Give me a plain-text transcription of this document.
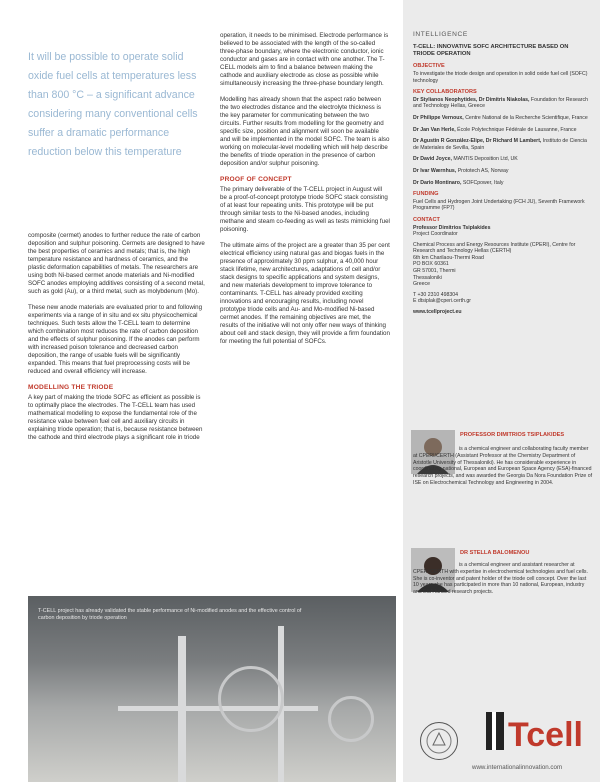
It will be possible to operate solid oxide fuel cells at temperatures less than 800 °C – a significant advance considering many conventional cells suffer a dramatic performance reduction below this temperature

composite (cermet) anodes to further reduce the rate of carbon deposition and sulphur poisoning. Cermets are designed to have the best properties of ceramics and metals; that is, the high temperature resistance and hardness of ceramics, and the plastic deformation capabilities of metals. The researchers are using both Ni-based cermet anode materials and Ni-modified SOFC anodes employing additives consisting of a second metal, such as gold (Au), or a third metal, such as molybdenum (Mo).

These new anode materials are evaluated prior to and following experiments via a range of in situ and ex situ physicochemical techniques. Such tests allow the T-CELL team to determine which combination most reduces the rate of carbon deposition and the effects of sulphur poisoning. If the anodes can perform with increased poison tolerance and decreased carbon deposition, the range of usable fuels will be significantly expanded. This means that fuel preprocessing costs will be reduced and overall efficiency will increase.

MODELLING THE TRIODE

A key part of making the triode SOFC as efficient as possible is to optimally place the electrodes. The T-CELL team has used mathematical modelling to expose the fundamental role of the resistance value between fuel cell and auxiliary circuits in explaining triode operation; that is, because resistance between the cathode and third electrode plays a significant role in triode

operation, it needs to be minimised. Electrode performance is believed to be associated with the length of the so-called three-phase boundary, where the electronic conductor, ionic conductor and gases are in contact with one another. The T-CELL models aim to find a balance between making the cathode and auxiliary electrode as close as possible while simultaneously increasing the three-phase boundary length.

Modelling has already shown that the aspect ratio between the two electrodes distance and the electrolyte thickness is the key parameter for communicating between the two circuits. Further results from modelling for the geometry and specific size, position and alignment will soon be available and will be implemented in the model SOFC. The team is also working on molecular-level modelling which will help describe the benefits of triode operation in the presence of carbon deposition and/or sulphur poisoning.

PROOF OF CONCEPT

The primary deliverable of the T-CELL project in August will be a proof-of-concept prototype triode SOFC stack consisting of at least four repeating units. This prototype will be put through similar tests to the Ni-based anodes, including methane and steam co-feeding as well as tests mimicking fuel poisoning.

The ultimate aims of the project are a greater than 35 per cent electrical efficiency using natural gas and biogas fuels in the presence of approximately 30 ppm sulphur, a 40,000 hour stack lifetime, new architectures, adaptations of cell and/or stack designs to specific applications and system designs, and new materials development to improve tolerance to contaminants. T-CELL has already provided exciting innovations and encouraging results, including novel prototype triode cells and Au- and Mo-modified Ni-based cermet anodes. If the remaining objectives are met, the results of the initiative will not only offer new ways of thinking about cell and stack design, they will provide a firm foundation for meeting the full potential of SOFCs.

INTELLIGENCE
T-CELL: INNOVATIVE SOFC ARCHITECTURE BASED ON TRIODE OPERATION
OBJECTIVE
To investigate the triode design and operation in solid oxide fuel cell (SOFC) technology
KEY COLLABORATORS
Dr Stylianos Neophytides, Dr Dimitris Niakolas, Foundation for Research and Technology Hellas, Greece
Dr Philippe Vernoux, Centre National de la Recherche Scientifique, France
Dr Jan Van Herle, École Polytechnique Fédérale de Lausanne, France
Dr Agustin R González-Elipe, Dr Richard M Lambert, Instituto de Ciencia de Materiales de Sevilla, Spain
Dr David Joyce, MANTIS Deposition Ltd, UK
Dr Ivar Wærnhus, Prototech AS, Norway
Dr Dario Montinaro, SOFCpower, Italy
FUNDING
Fuel Cells and Hydrogen Joint Undertaking (FCH JU), Seventh Framework Programme (FP7)
CONTACT
Professor Dimitrios Tsiplakides
Project Coordinator
Chemical Process and Energy Resources Institute (CPERI), Centre for Research and Technology Hellas (CERTH)
6th km Charilaou-Thermi Road
PO BOX 60361
GR 57001, Thermi
Thessaloniki
Greece
T +30 2310 498304
E dtsiplak@cperi.certh.gr
www.tcellproject.eu
PROFESSOR DIMITRIOS TSIPLAKIDES
is a chemical engineer and collaborating faculty member at CPERI/CERTH (Assistant Professor at the Chemistry Department of Aristotle University of Thessaloniki). He has considerable experience in coordinating national, European and European Space Agency (ESA)-financed research projects, and was awarded the Georgia Da Nora Foundation Prize of ISE on Electrochemical Technology and Engineering in 2004.
DR STELLA BALOMENOU
is a chemical engineer and assistant researcher at CPERI/CERTH with expertise in electrochemical technologies and fuel cells. She is co-inventor and patent holder of the triode cell concept. Over the last 10 years she has participated in more than 10 national, European, industry and ESA funded research projects.
T-CELL project has already validated the stable performance of Ni-modified anodes and the effective control of carbon deposition by triode operation
Tcell
www.internationalinnovation.com
